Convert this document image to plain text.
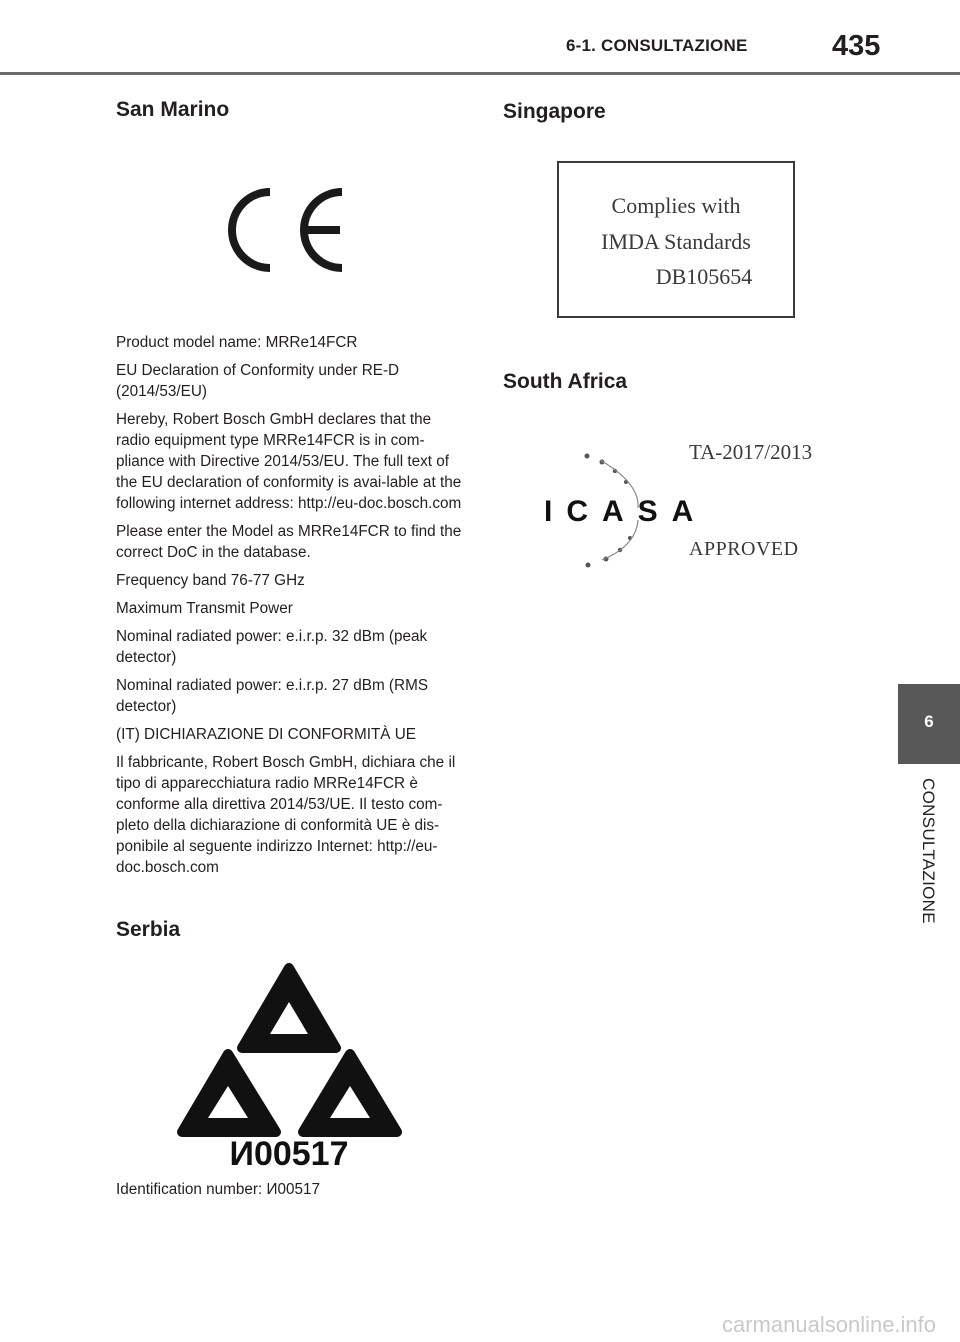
6-1. CONSULTAZIONE	435
6
CONSULTAZIONE
San Marino

Product model name: MRRe14FCR

EU Declaration of Conformity under RE-D (2014/53/EU)

Hereby, Robert Bosch GmbH declares that the radio equipment type MRRe14FCR is in com-pliance with Directive 2014/53/EU. The full text of the EU declaration of conformity is avai-lable at the following internet address: http://eu-doc.bosch.com

Please enter the Model as MRRe14FCR to find the correct DoC in the database.

Frequency band 76-77 GHz

Maximum Transmit Power

Nominal radiated power: e.i.r.p. 32 dBm (peak detector)

Nominal radiated power: e.i.r.p. 27 dBm (RMS detector)

(IT) DICHIARAZIONE DI CONFORMITÀ UE

Il fabbricante, Robert Bosch GmbH, dichiara che il tipo di apparecchiatura radio MRRe14FCR è conforme alla direttiva 2014/53/UE. Il testo com-pleto della dichiarazione di conformità UE è dis-ponibile al seguente indirizzo Internet: http://eu-doc.bosch.com

Serbia
И00517

Identification number: И00517

Singapore
Complies with
IMDA Standards
DB105654
South Africa
ICASA
TA-2017/2013
APPROVED
carmanualsonline.info
